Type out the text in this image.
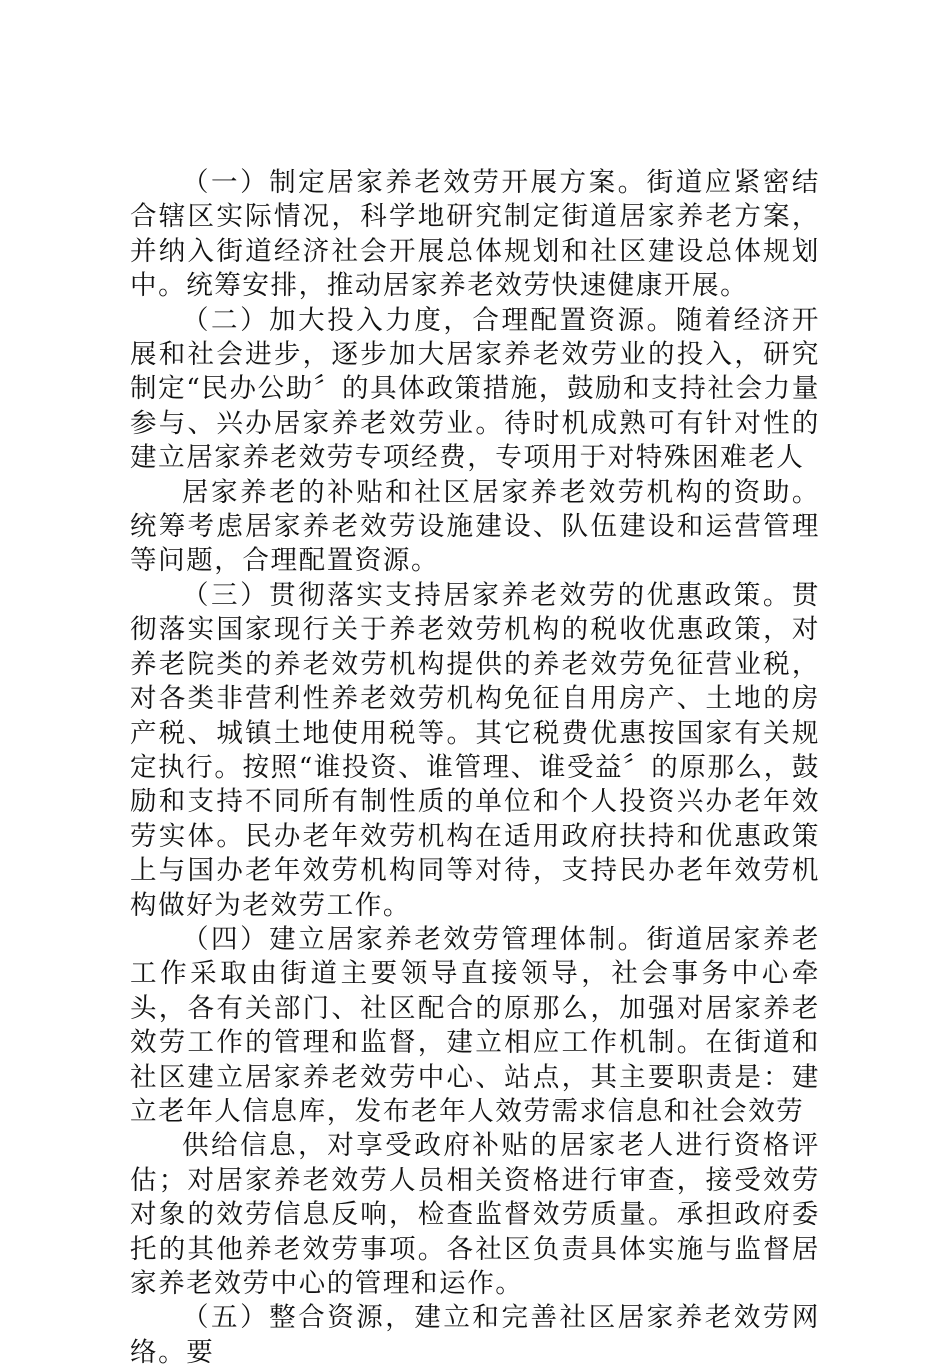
（一）制定居家养老效劳开展方案。街道应紧密结合辖区实际情况，科学地研究制定街道居家养老方案，并纳入街道经济社会开展总体规划和社区建设总体规划中。统筹安排，推动居家养老效劳快速健康开展。

（二）加大投入力度，合理配置资源。随着经济开展和社会进步，逐步加大居家养老效劳业的投入，研究制定“民办公助〞的具体政策措施，鼓励和支持社会力量参与、兴办居家养老效劳业。待时机成熟可有针对性的建立居家养老效劳专项经费，专项用于对特殊困难老人

居家养老的补贴和社区居家养老效劳机构的资助。统筹考虑居家养老效劳设施建设、队伍建设和运营管理等问题，合理配置资源。

（三）贯彻落实支持居家养老效劳的优惠政策。贯彻落实国家现行关于养老效劳机构的税收优惠政策，对养老院类的养老效劳机构提供的养老效劳免征营业税，对各类非营利性养老效劳机构免征自用房产、土地的房产税、城镇土地使用税等。其它税费优惠按国家有关规定执行。按照“谁投资、谁管理、谁受益〞的原那么，鼓励和支持不同所有制性质的单位和个人投资兴办老年效劳实体。民办老年效劳机构在适用政府扶持和优惠政策上与国办老年效劳机构同等对待，支持民办老年效劳机构做好为老效劳工作。

（四）建立居家养老效劳管理体制。街道居家养老工作采取由街道主要领导直接领导，社会事务中心牵头，各有关部门、社区配合的原那么，加强对居家养老效劳工作的管理和监督，建立相应工作机制。在街道和社区建立居家养老效劳中心、站点，其主要职责是：建立老年人信息库，发布老年人效劳需求信息和社会效劳

供给信息，对享受政府补贴的居家老人进行资格评估；对居家养老效劳人员相关资格进行审查，接受效劳对象的效劳信息反响，检查监督效劳质量。承担政府委托的其他养老效劳事项。各社区负责具体实施与监督居家养老效劳中心的管理和运作。

（五）整合资源，建立和完善社区居家养老效劳网络。要
